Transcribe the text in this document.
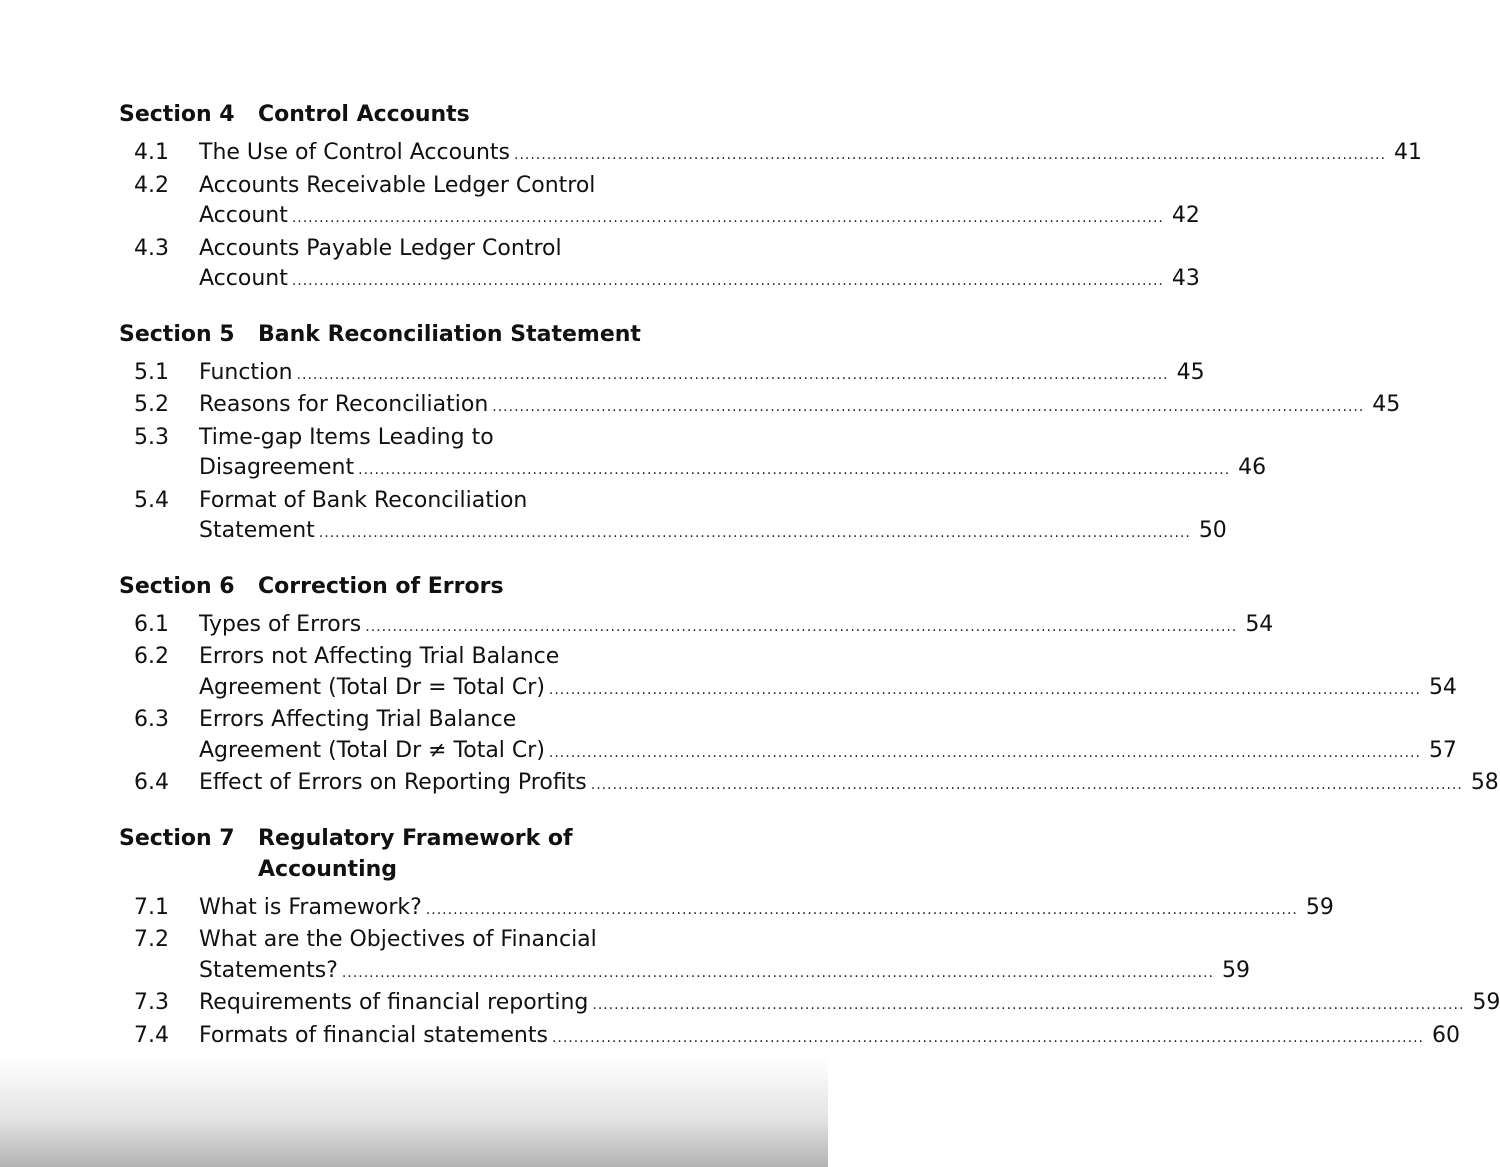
Section 4	Control Accounts
4.1	The Use of Control Accounts .....	41
4.2	Accounts Receivable Ledger Control
Account .....	42
4.3	Accounts Payable Ledger Control
Account .....	43
Section 5	Bank Reconciliation Statement
5.1	Function .....	45
5.2	Reasons for Reconciliation .....	45
5.3	Time-gap Items Leading to
Disagreement .....	46
5.4	Format of Bank Reconciliation
Statement .....	50
Section 6	Correction of Errors
6.1	Types of Errors .....	54
6.2	Errors not Affecting Trial Balance
Agreement (Total Dr = Total Cr) .....	54
6.3	Errors Affecting Trial Balance
Agreement (Total Dr ≠ Total Cr) .....	57
6.4	Effect of Errors on Reporting Profits .....	58
Section 7	Regulatory Framework of Accounting
7.1	What is Framework? .....	59
7.2	What are the Objectives of Financial
Statements? .....	59
7.3	Requirements of financial reporting .....	59
7.4	Formats of financial statements .....	60
